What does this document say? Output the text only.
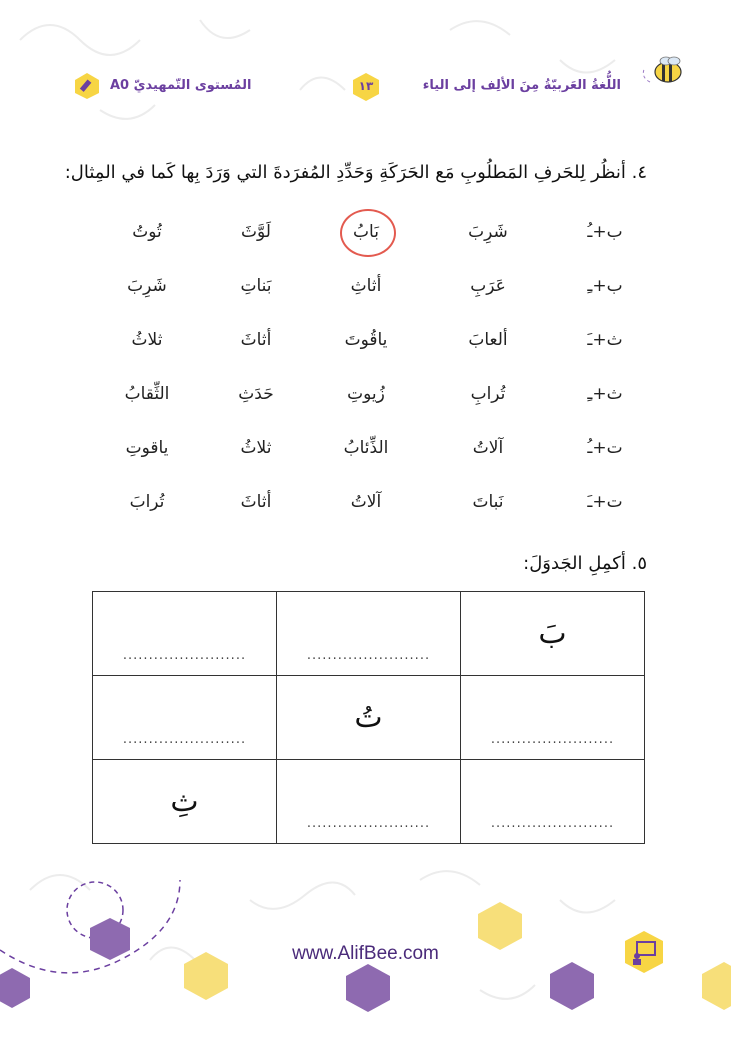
اللُّغةُ العَربيّةُ مِنَ الألِف إلى الياء
١٣
المُستوى التّمهيديّ A0
٤. أنظُر لِلحَرفِ المَطلُوبِ مَع الحَرَكَةِ وَحَدِّدِ المُفرَدةَ التي وَرَدَ بِها كَما في المِثال:
ب+ـُ
شَرِبَ
بَابُ
لَوَّثَ
تُوتُ
ب+ـِ
عَرَبِ
أثاثِ
بَناتِ
شَرِبَ
ث+ـَ
ألعابَ
ياقُوتَ
أثاثَ
ثلاثُ
ث+ـِ
تُرابِ
زُيوتِ
حَدَثِ
الثِّقابُ
ت+ـُ
آلاتُ
الذِّئابُ
ثلاثُ
ياقوتِ
ت+ـَ
نَباتَ
آلاتُ
أثاثَ
تُرابَ
٥. أكمِلِ الجَدوَلَ:
........................	........................	بَ

........................	تُ	........................

ثِ	........................	........................
www.AlifBee.com
